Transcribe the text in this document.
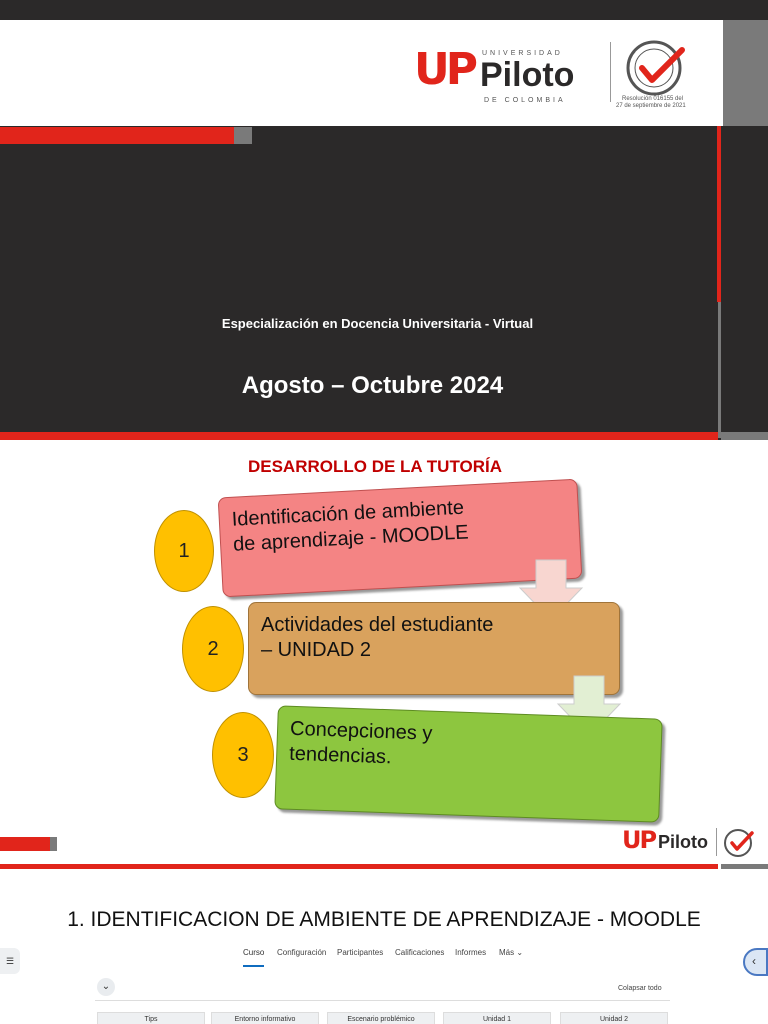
UP UNIVERSIDAD
Piloto
DE COLOMBIA	Resolución 016155 del
27 de septiembre de 2021
Especialización en Docencia Universitaria - Virtual
Agosto – Octubre 2024
DESARROLLO DE LA TUTORÍA
1
Identificación de ambiente
de aprendizaje - MOODLE
2
Actividades del estudiante
– UNIDAD 2
3
Concepciones y
tendencias.
UP Piloto
1. IDENTIFICACION DE AMBIENTE DE APRENDIZAJE - MOODLE
☰
Curso Configuración Participantes Calificaciones Informes Más ⌄
⌄	Colapsar todo
Tips	Entorno informativo	Escenario problémico	Unidad 1	Unidad 2
‹
